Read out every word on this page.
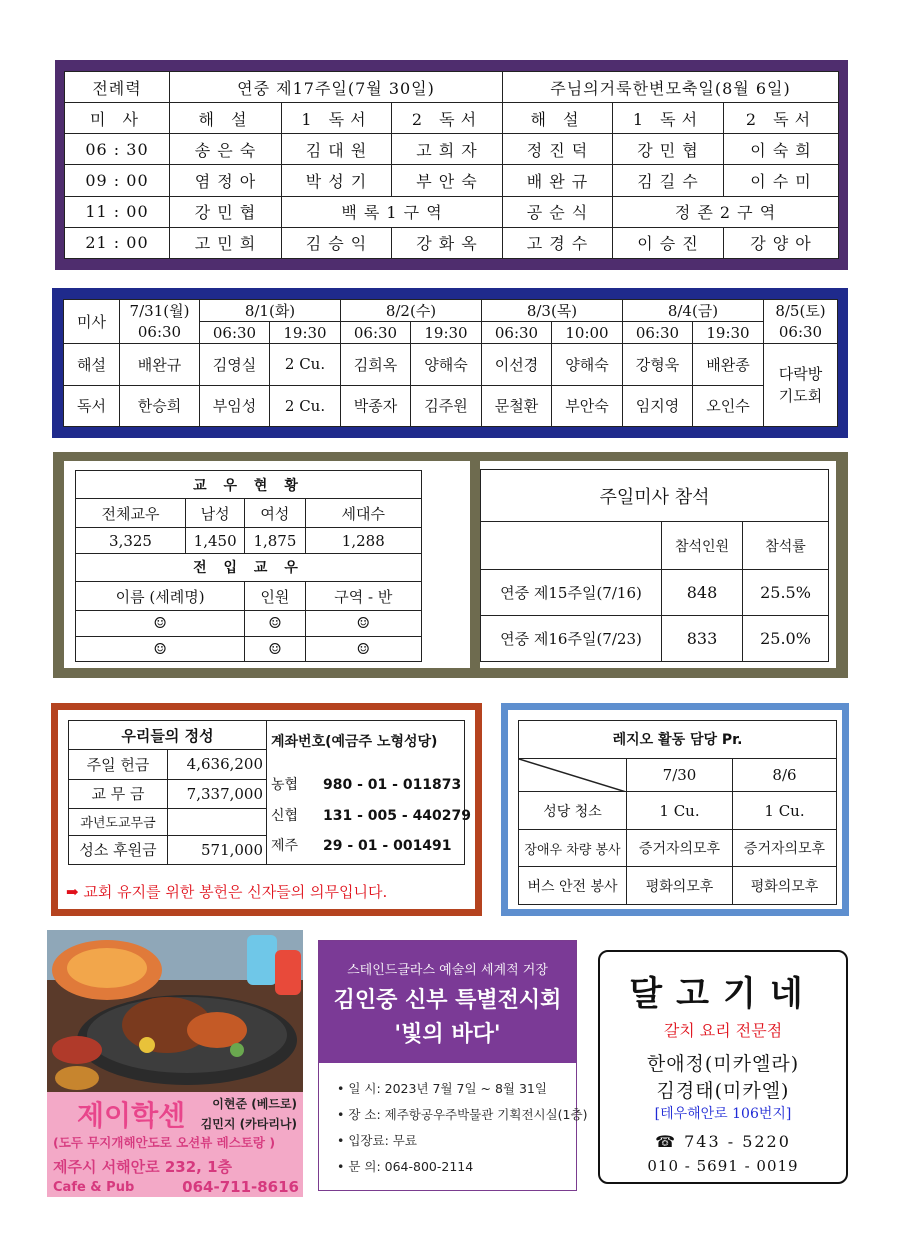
전례력	연중 제17주일(7월 30일)			주님의거룩한변모축일(8월 6일)		
미 사	해 설	1 독서	2 독서	해 설	1 독서	2 독서
06 : 30	송 은 숙	김 대 원	고 희 자	정 진 덕	강 민 협	이 숙 희
09 : 00	염 정 아	박 성 기	부 안 숙	배 완 규	김 길 수	이 수 미
11 : 00	강 민 협	백 록 1 구 역		공 순 식	정 존 2 구 역	
21 : 00	고 민 희	김 승 익	강 화 옥	고 경 수	이 승 진	강 양 아
미사	7/31(월)	8/1(화)		8/2(수)		8/3(목)		8/4(금)		8/5(토)
	06:30	06:30	19:30	06:30	19:30	06:30	10:00	06:30	19:30	06:30
해설	배완규	김영실	2 Cu.	김희옥	양해숙	이선경	양해숙	강형욱	배완종	다락방
기도회
독서	한승희	부임성	2 Cu.	박종자	김주원	문철환	부안숙	임지영	오인수	
교 우 현 황			
전체교우	남성	여성	세대수
3,325	1,450	1,875	1,288
전 입 교 우			
이름 (세례명)		인원	구역 - 반
☺		☺	☺
☺		☺	☺
주일미사 참석		
	참석인원	참석률
연중 제15주일(7/16)	848	25.5%
연중 제16주일(7/23)	833	25.0%
우리들의 정성	
주일 헌금	4,636,200
교 무 금	7,337,000
과년도교무금	
성소 후원금	571,000
계좌번호(예금주 노형성당)
농협 980 - 01 - 011873
신협 131 - 005 - 440279
제주 29 - 01 - 001491
➡ 교회 유지를 위한 봉헌은 신자들의 의무입니다.
레지오 활동 담당 Pr.		

	7/30	8/6
성당 청소	1 Cu.	1 Cu.
장애우 차량 봉사	증거자의모후	증거자의모후
버스 안전 봉사	평화의모후	평화의모후
이현준 (베드로)
김민지 (카타리나)
제이학센
(도두 무지개해안도로 오션뷰 레스토랑 )
제주시 서해안로 232, 1층
Cafe & Pub	064-711-8616
스테인드글라스 예술의 세계적 거장
김인중 신부 특별전시회
'빛의 바다'
• 일 시: 2023년 7월 7일 ~ 8월 31일
• 장 소: 제주항공우주박물관 기획전시실(1층)
• 입장료: 무료
• 문 의: 064-800-2114
달고기네
갈치 요리 전문점
한애정(미카엘라)
김경태(미카엘)
[테우해안로 106번지]
☎ 743 - 5220
010 - 5691 - 0019
